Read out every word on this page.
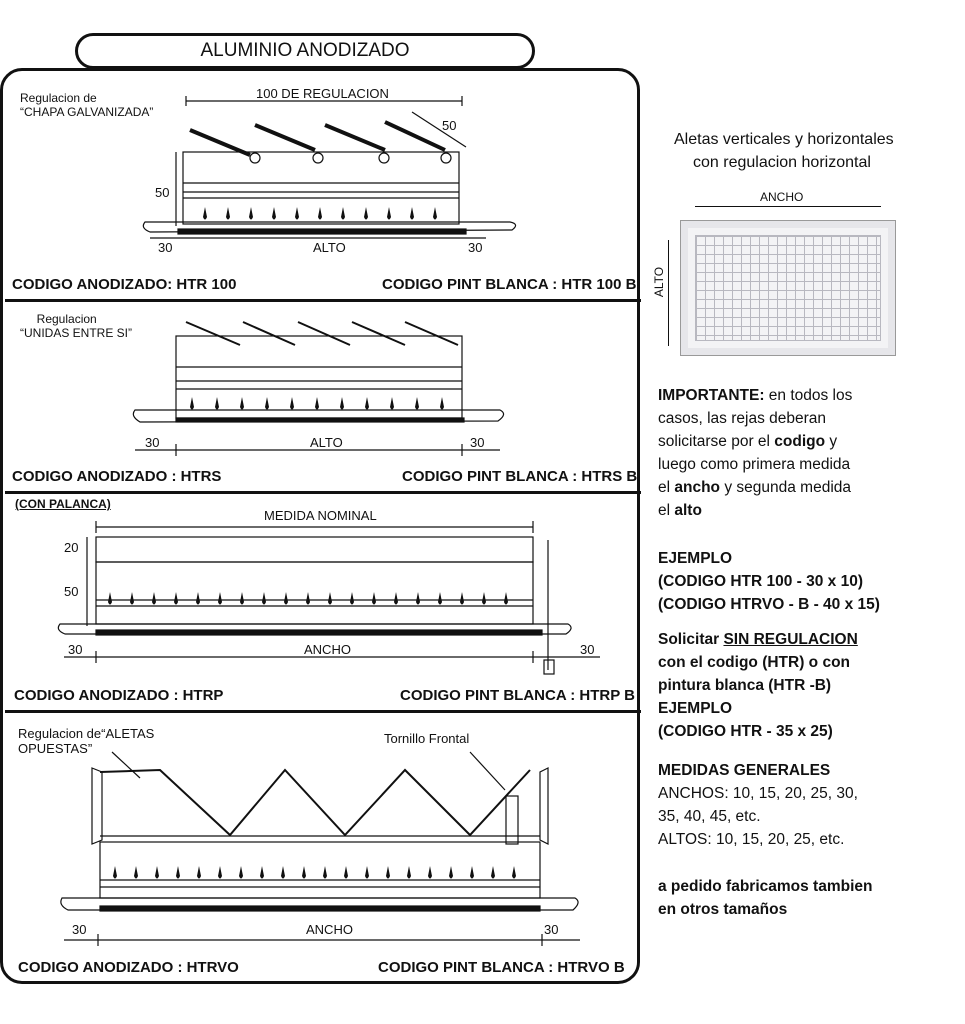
ALUMINIO ANODIZADO
Regulacion de
“CHAPA GALVANIZADA”
100 DE REGULACION
50
50
30	ALTO	30
CODIGO ANODIZADO: HTR 100	CODIGO PINT BLANCA : HTR 100 B
Regulacion
“UNIDAS ENTRE SI”
30	ALTO	30
CODIGO ANODIZADO : HTRS	CODIGO PINT BLANCA : HTRS B
(CON PALANCA)
MEDIDA NOMINAL
20
50
30	ANCHO	30
CODIGO ANODIZADO : HTRP	CODIGO PINT BLANCA : HTRP B
Regulacion de“ALETAS
OPUESTAS”
Tornillo Frontal
30	ANCHO	30
CODIGO ANODIZADO : HTRVO	CODIGO PINT BLANCA : HTRVO B
Aletas verticales y horizontales
con regulacion horizontal
ANCHO
ALTO
IMPORTANTE: en todos los
casos, las rejas deberan
solicitarse por el codigo y
luego como primera medida
el ancho y segunda medida
el alto
EJEMPLO
(CODIGO HTR 100 - 30 x 10)
(CODIGO HTRVO - B - 40 x 15)
Solicitar SIN REGULACION
con el codigo (HTR) o con
pintura blanca (HTR -B)
EJEMPLO
(CODIGO HTR - 35 x 25)
MEDIDAS GENERALES
ANCHOS: 10, 15, 20, 25, 30,
35, 40, 45, etc.
ALTOS: 10, 15, 20, 25, etc.
a pedido fabricamos tambien
en otros tamaños
